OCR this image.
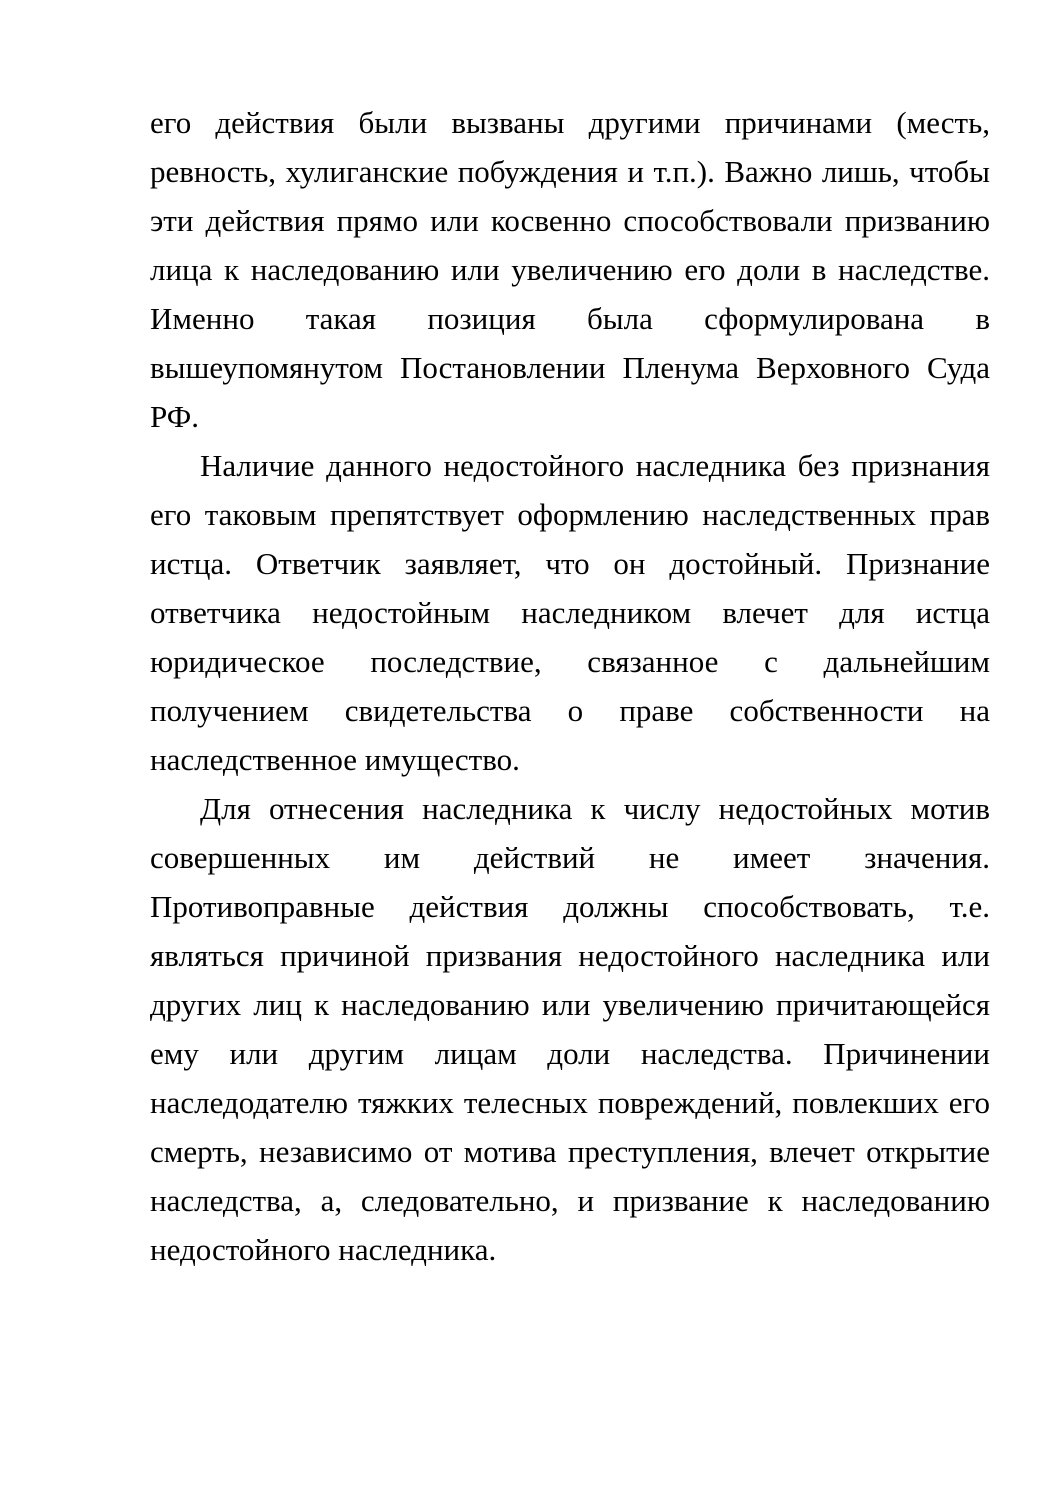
его действия были вызваны другими причинами (месть, ревность, хулиганские побуждения и т.п.). Важно лишь, чтобы эти действия прямо или косвенно способствовали призванию лица к наследованию или увеличению его доли в наследстве. Именно такая позиция была сформулирована в вышеупомянутом Постановлении Пленума Верховного Суда РФ.

Наличие данного недостойного наследника без признания его таковым препятствует оформлению наследственных прав истца. Ответчик заявляет, что он достойный. Признание ответчика недостойным наследником влечет для истца юридическое последствие, связанное с дальнейшим получением свидетельства о праве собственности на наследственное имущество.

Для отнесения наследника к числу недостойных мотив совершенных им действий не имеет значения. Противоправные действия должны способствовать, т.е. являться причиной призвания недостойного наследника или других лиц к наследованию или увеличению причитающейся ему или другим лицам доли наследства. Причинении наследодателю тяжких телесных повреждений, повлекших его смерть, независимо от мотива преступления, влечет открытие наследства, а, следовательно, и призвание к наследованию недостойного наследника.
